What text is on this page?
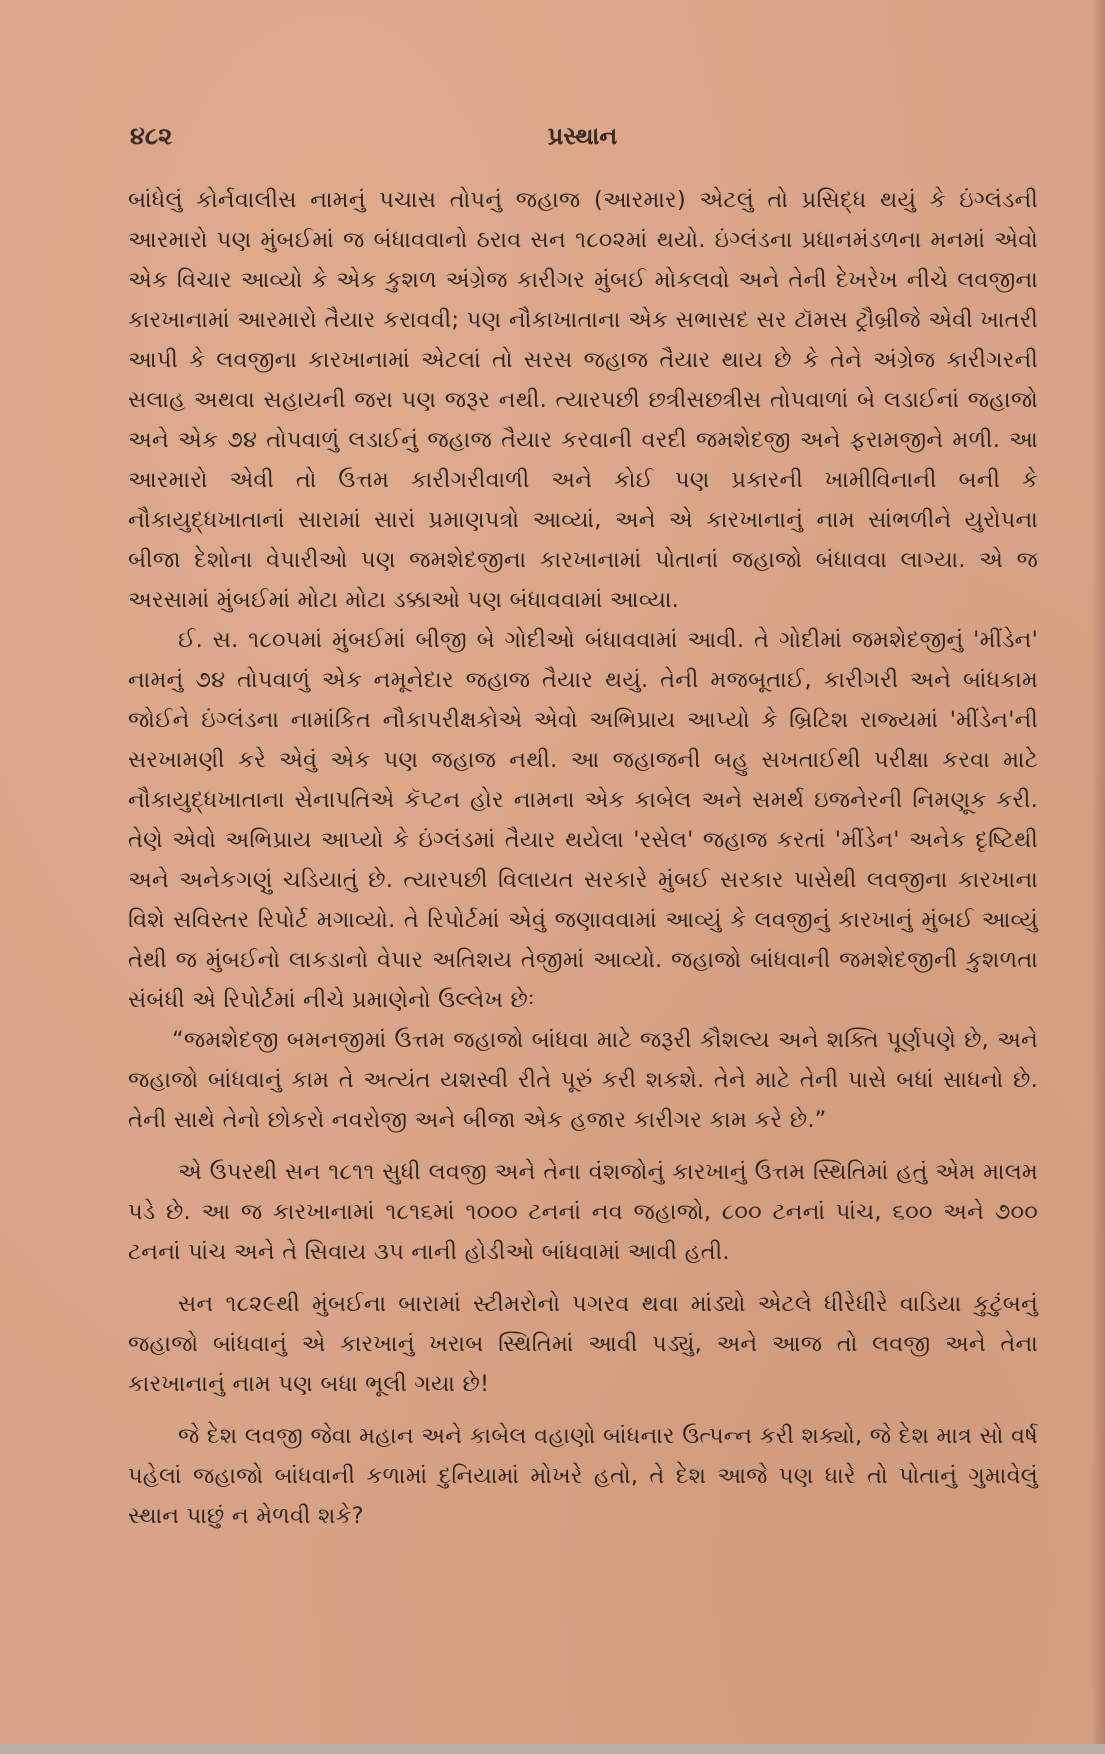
૪૮૨	પ્રસ્થાન

બાંધેલું કોર્નવાલીસ નામનું પચાસ તોપનું જહાજ (આરમાર) એટલું તો પ્રસિદ્ધ થયું કે ઇંગ્લંડની આરમારો પણ મુંબઈમાં જ બંધાવવાનો ઠરાવ સન ૧૮૦૨માં થયો. ઇંગ્લંડના પ્રધાનમંડળના મનમાં એવો એક વિચાર આવ્યો કે એક કુશળ અંગ્રેજ કારીગર મુંબઈ મોકલવો અને તેની દેખરેખ નીચે લવજીના કારખાનામાં આરમારો તૈયાર કરાવવી; પણ નૌકાખાતાના એક સભાસદ સર ટૉમસ ટ્રૌબ્રીજે એવી ખાતરી આપી કે લવજીના કારખાનામાં એટલાં તો સરસ જહાજ તૈયાર થાય છે કે તેને અંગ્રેજ કારીગરની સલાહ અથવા સહાયની જરા પણ જરૂર નથી. ત્યારપછી છત્રીસછત્રીસ તોપવાળાં બે લડાઈનાં જહાજો અને એક ૭૪ તોપવાળું લડાઈનું જહાજ તૈયાર કરવાની વરદી જમશેદજી અને ફરામજીને મળી. આ આરમારો એવી તો ઉત્તમ કારીગરીવાળી અને કોઈ પણ પ્રકારની ખામીવિનાની બની કે નૌકાયુદ્ધખાતાનાં સારામાં સારાં પ્રમાણપત્રો આવ્યાં, અને એ કારખાનાનું નામ સાંભળીને યુરોપના બીજા દેશોના વેપારીઓ પણ જમશેદજીના કારખાનામાં પોતાનાં જહાજો બંધાવવા લાગ્યા. એ જ અરસામાં મુંબઈમાં મોટા મોટા ડક્કાઓ પણ બંધાવવામાં આવ્યા.

ઈ. સ. ૧૮૦૫માં મુંબઈમાં બીજી બે ગોદીઓ બંધાવવામાં આવી. તે ગોદીમાં જમશેદજીનું 'મીંડેન' નામનું ૭૪ તોપવાળું એક નમૂનેદાર જહાજ તૈયાર થયું. તેની મજબૂતાઈ, કારીગરી અને બાંધકામ જોઈને ઇંગ્લંડના નામાંકિત નૌકાપરીક્ષકોએ એવો અભિપ્રાય આપ્યો કે બ્રિટિશ રાજ્યમાં 'મીંડેન'ની સરખામણી કરે એવું એક પણ જહાજ નથી. આ જહાજની બહુ સખતાઈથી પરીક્ષા કરવા માટે નૌકાયુદ્ધખાતાના સેનાપતિએ કૅપ્ટન હોર નામના એક કાબેલ અને સમર્થ ઇજનેરની નિમણૂક કરી. તેણે એવો અભિપ્રાય આપ્યો કે ઇંગ્લંડમાં તૈયાર થયેલા 'રસેલ' જહાજ કરતાં 'મીંડેન' અનેક દૃષ્ટિથી અને અનેકગણું ચડિયાતું છે. ત્યારપછી વિલાયત સરકારે મુંબઈ સરકાર પાસેથી લવજીના કારખાના વિશે સવિસ્તર રિપોર્ટ મગાવ્યો. તે રિપોર્ટમાં એવું જણાવવામાં આવ્યું કે લવજીનું કારખાનું મુંબઈ આવ્યું તેથી જ મુંબઈનો લાકડાનો વેપાર અતિશય તેજીમાં આવ્યો. જહાજો બાંધવાની જમશેદજીની કુશળતા સંબંધી એ રિપોર્ટમાં નીચે પ્રમાણેનો ઉલ્લેખ છેઃ

“જમશેદજી બમનજીમાં ઉત્તમ જહાજો બાંધવા માટે જરૂરી કૌશલ્ય અને શક્તિ પૂર્ણપણે છે, અને જહાજો બાંધવાનું કામ તે અત્યંત યશસ્વી રીતે પૂરું કરી શકશે. તેને માટે તેની પાસે બધાં સાધનો છે. તેની સાથે તેનો છોકરો નવરોજી અને બીજા એક હજાર કારીગર કામ કરે છે.”

એ ઉપરથી સન ૧૮૧૧ સુધી લવજી અને તેના વંશજોનું કારખાનું ઉત્તમ સ્થિતિમાં હતું એમ માલમ પડે છે. આ જ કારખાનામાં ૧૮૧૬માં ૧૦૦૦ ટનનાં નવ જહાજો, ૮૦૦ ટનનાં પાંચ, ૬૦૦ અને ૭૦૦ ટનનાં પાંચ અને તે સિવાય ૩૫ નાની હોડીઓ બાંધવામાં આવી હતી.

સન ૧૮૨૯થી મુંબઈના બારામાં સ્ટીમરોનો પગરવ થવા માંડ્યો એટલે ધીરેધીરે વાડિયા કુટુંબનું જહાજો બાંધવાનું એ કારખાનું ખરાબ સ્થિતિમાં આવી પડ્યું, અને આજ તો લવજી અને તેના કારખાનાનું નામ પણ બધા ભૂલી ગયા છે!

જે દેશ લવજી જેવા મહાન અને કાબેલ વહાણો બાંધનાર ઉત્પન્ન કરી શક્યો, જે દેશ માત્ર સો વર્ષ પહેલાં જહાજો બાંધવાની કળામાં દુનિયામાં મોખરે હતો, તે દેશ આજે પણ ધારે તો પોતાનું ગુમાવેલું સ્થાન પાછું ન મેળવી શકે?
